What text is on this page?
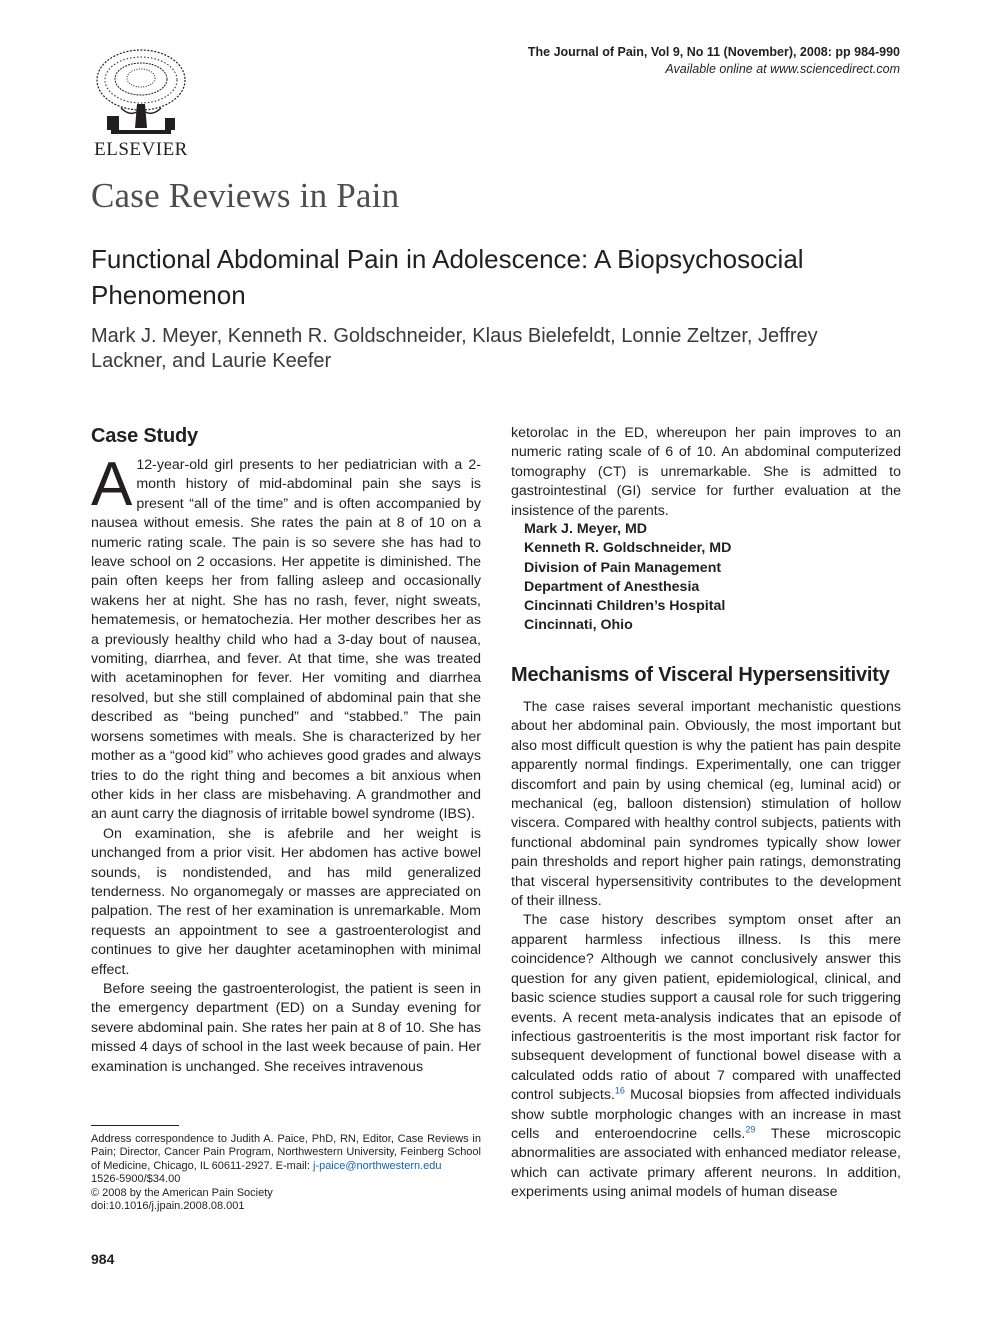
ELSEVIER
The Journal of Pain, Vol 9, No 11 (November), 2008: pp 984-990
Available online at www.sciencedirect.com
Case Reviews in Pain
Functional Abdominal Pain in Adolescence: A Biopsychosocial Phenomenon
Mark J. Meyer, Kenneth R. Goldschneider, Klaus Bielefeldt, Lonnie Zeltzer, Jeffrey Lackner, and Laurie Keefer
Case Study

A 12-year-old girl presents to her pediatrician with a 2-month history of mid-abdominal pain she says is present “all of the time” and is often accompanied by nausea without emesis. She rates the pain at 8 of 10 on a numeric rating scale. The pain is so severe she has had to leave school on 2 occasions. Her appetite is diminished. The pain often keeps her from falling asleep and occasionally wakens her at night. She has no rash, fever, night sweats, hematemesis, or hematochezia. Her mother describes her as a previously healthy child who had a 3-day bout of nausea, vomiting, diarrhea, and fever. At that time, she was treated with acetaminophen for fever. Her vomiting and diarrhea resolved, but she still complained of abdominal pain that she described as “being punched” and “stabbed.” The pain worsens sometimes with meals. She is characterized by her mother as a “good kid” who achieves good grades and always tries to do the right thing and becomes a bit anxious when other kids in her class are misbehaving. A grandmother and an aunt carry the diagnosis of irritable bowel syndrome (IBS).

On examination, she is afebrile and her weight is unchanged from a prior visit. Her abdomen has active bowel sounds, is nondistended, and has mild generalized tenderness. No organomegaly or masses are appreciated on palpation. The rest of her examination is unremarkable. Mom requests an appointment to see a gastroenterologist and continues to give her daughter acetaminophen with minimal effect.

Before seeing the gastroenterologist, the patient is seen in the emergency department (ED) on a Sunday evening for severe abdominal pain. She rates her pain at 8 of 10. She has missed 4 days of school in the last week because of pain. Her examination is unchanged. She receives intravenous

ketorolac in the ED, whereupon her pain improves to an numeric rating scale of 6 of 10. An abdominal computerized tomography (CT) is unremarkable. She is admitted to gastrointestinal (GI) service for further evaluation at the insistence of the parents.

Mark J. Meyer, MD
Kenneth R. Goldschneider, MD
Division of Pain Management
Department of Anesthesia
Cincinnati Children’s Hospital
Cincinnati, Ohio
Mechanisms of Visceral Hypersensitivity

The case raises several important mechanistic questions about her abdominal pain. Obviously, the most important but also most difficult question is why the patient has pain despite apparently normal findings. Experimentally, one can trigger discomfort and pain by using chemical (eg, luminal acid) or mechanical (eg, balloon distension) stimulation of hollow viscera. Compared with healthy control subjects, patients with functional abdominal pain syndromes typically show lower pain thresholds and report higher pain ratings, demonstrating that visceral hypersensitivity contributes to the development of their illness.

The case history describes symptom onset after an apparent harmless infectious illness. Is this mere coincidence? Although we cannot conclusively answer this question for any given patient, epidemiological, clinical, and basic science studies support a causal role for such triggering events. A recent meta-analysis indicates that an episode of infectious gastroenteritis is the most important risk factor for subsequent development of functional bowel disease with a calculated odds ratio of about 7 compared with unaffected control subjects.$^{16}$ Mucosal biopsies from affected individuals show subtle morphologic changes with an increase in mast cells and enteroendocrine cells.$^{29}$ These microscopic abnormalities are associated with enhanced mediator release, which can activate primary afferent neurons. In addition, experiments using animal models of human disease

Address correspondence to Judith A. Paice, PhD, RN, Editor, Case Reviews in Pain; Director, Cancer Pain Program, Northwestern University, Feinberg School of Medicine, Chicago, IL 60611-2927. E-mail: j-paice@northwestern.edu
1526-5900/$34.00
© 2008 by the American Pain Society
doi:10.1016/j.jpain.2008.08.001
984
